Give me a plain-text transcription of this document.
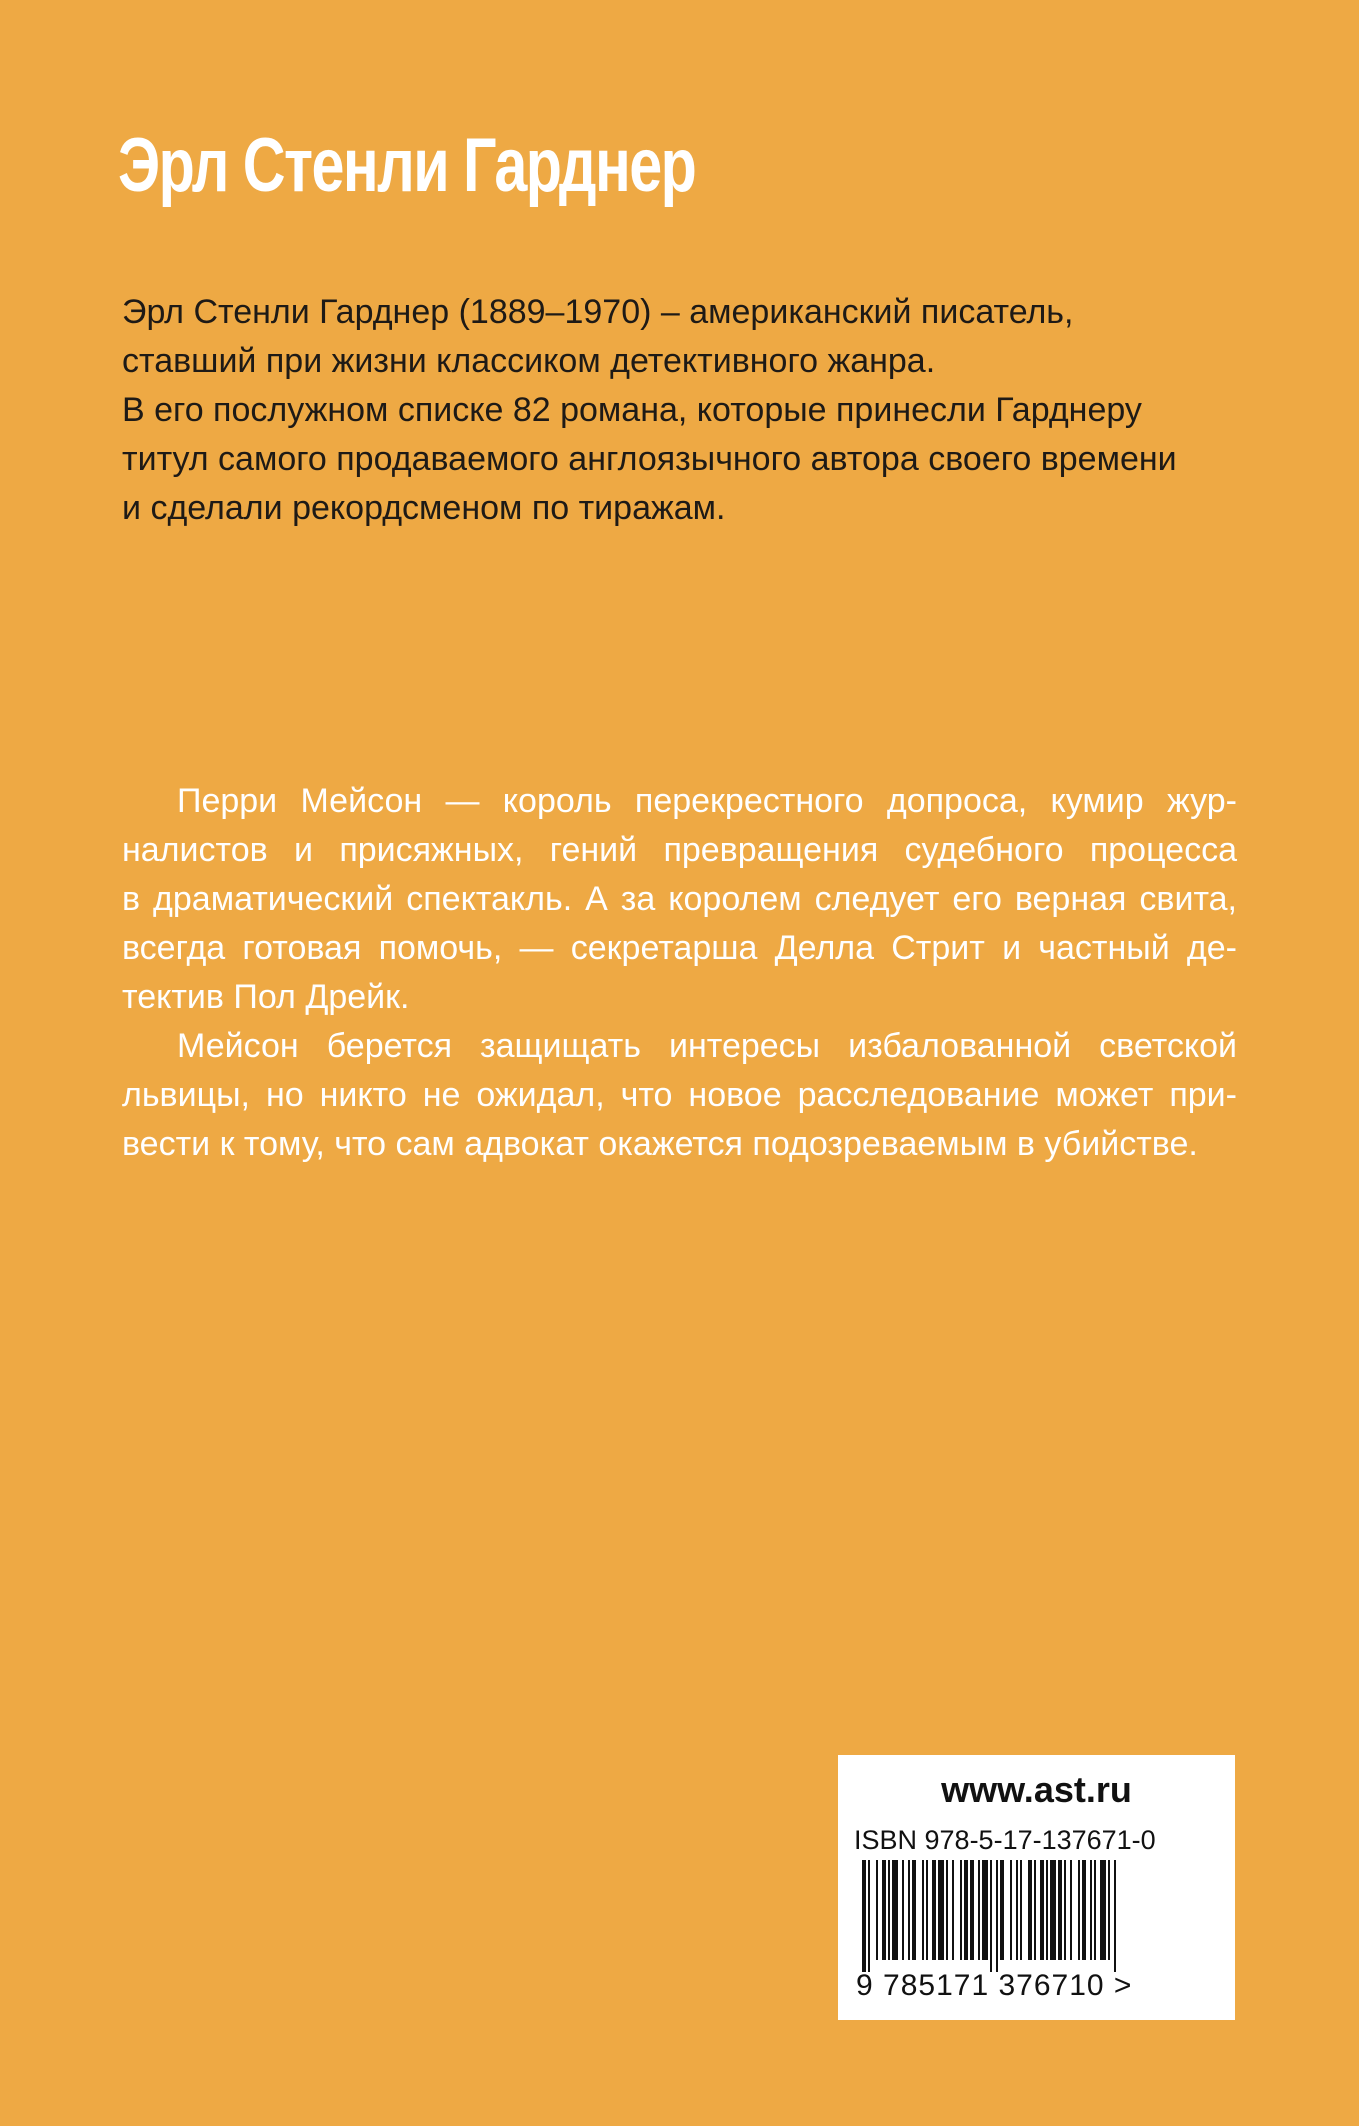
Эрл Стенли Гарднер
Эрл Стенли Гарднер (1889–1970) – американский писатель,
ставший при жизни классиком детективного жанра.
В его послужном списке 82 романа, которые принесли Гарднеру
титул самого продаваемого англоязычного автора своего времени
и сделали рекордсменом по тиражам.
Перри Мейсон — король перекрестного допроса, кумир жур-
налистов и присяжных, гений превращения судебного процесса
в драматический спектакль. А за королем следует его верная свита,
всегда готовая помочь, — секретарша Делла Стрит и частный де-
тектив Пол Дрейк.
Мейсон берется защищать интересы избалованной светской
львицы, но никто не ожидал, что новое расследование может при-
вести к тому, что сам адвокат окажется подозреваемым в убийстве.
www.ast.ru
ISBN 978-5-17-137671-0
9 785171 376710 >
